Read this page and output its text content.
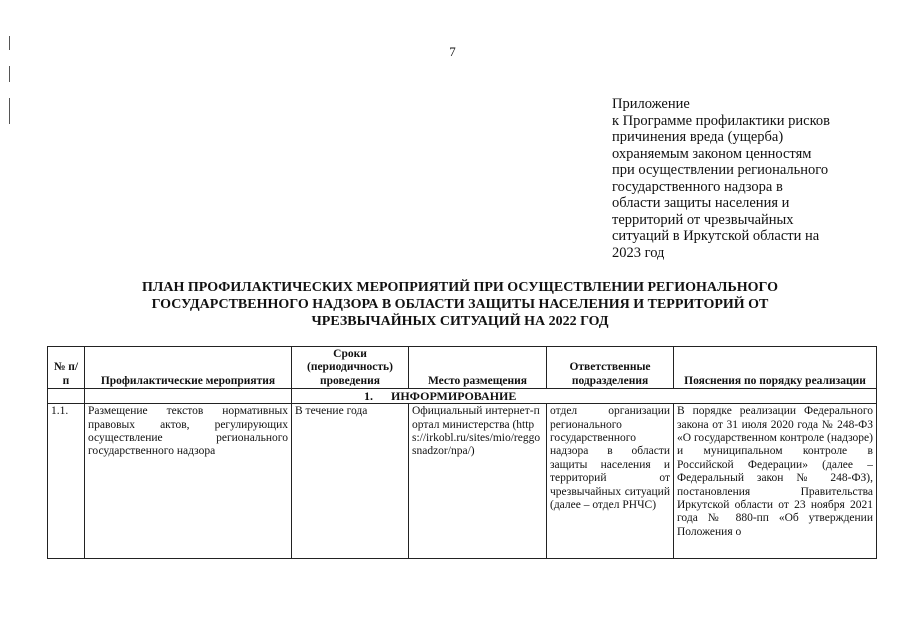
7
Приложение
к Программе профилактики рисков
причинения вреда (ущерба)
охраняемым законом ценностям
при осуществлении регионального
государственного надзора в
области защиты населения и
территорий от чрезвычайных
ситуаций в Иркутской области на
2023 год
ПЛАН ПРОФИЛАКТИЧЕСКИХ МЕРОПРИЯТИЙ ПРИ ОСУЩЕСТВЛЕНИИ РЕГИОНАЛЬНОГО
ГОСУДАРСТВЕННОГО НАДЗОРА В ОБЛАСТИ ЗАЩИТЫ НАСЕЛЕНИЯ И ТЕРРИТОРИЙ ОТ
ЧРЕЗВЫЧАЙНЫХ СИТУАЦИЙ НА 2022 ГОД
№ п/п	Профилактические мероприятия	Сроки (периодичность) проведения	Место размещения	Ответственные подразделения	Пояснения по порядку реализации
		1. ИНФОРМИРОВАНИЕ			

1.1.	Размещение текстов нормативных правовых актов, регулирующих осуществление регионального государственного надзора	В течение года	Официальный интернет-портал министерства (https://irkobl.ru/sites/mio/reggosnadzor/npa/)	отдел организации регионального государственного надзора в области защиты населения и территорий от чрезвычайных ситуаций (далее – отдел РНЧС)	В порядке реализации Федерального закона от 31 июля 2020 года № 248-ФЗ «О государственном контроле (надзоре) и муниципальном контроле в Российской Федерации» (далее – Федеральный закон № 248-ФЗ), постановления Правительства Иркутской области от 23 ноября 2021 года № 880-пп «Об утверждении Положения о
